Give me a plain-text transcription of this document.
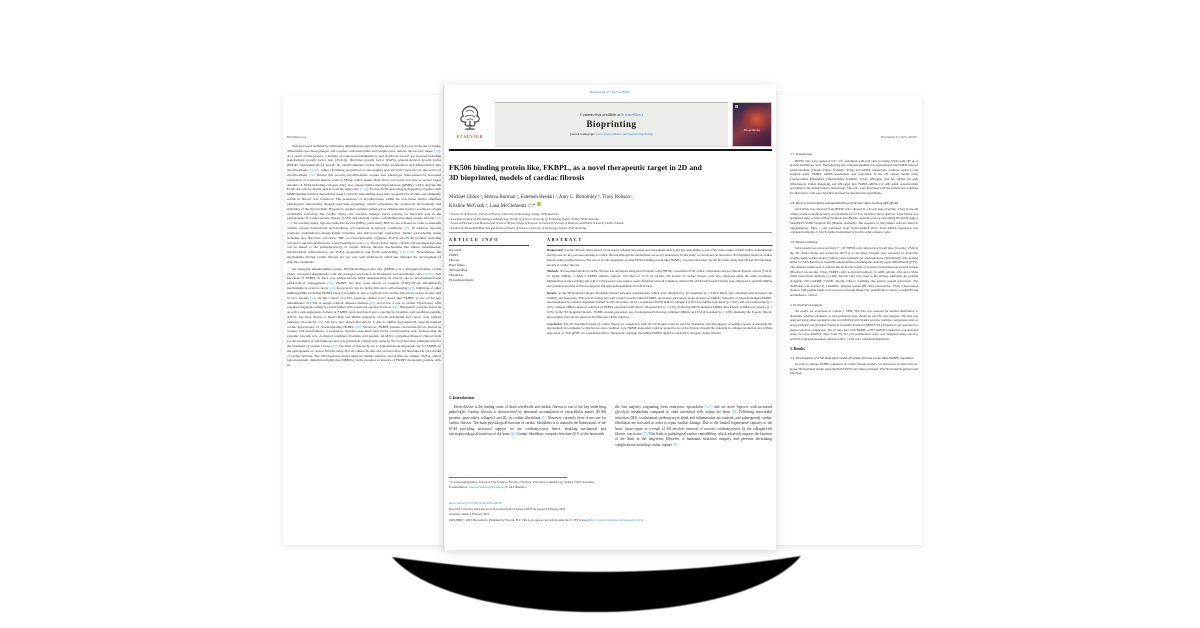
M. Chhor et al.

This process is initiated by infiltrating inflammatory cells including monocytes, that once at the site of injury, differentiate into macrophages, and together with neutrophils and lymphocytes, remove the necrotic tissue [7,9]. As a result of this process, a number of critical pro-inflammatory and profibrotic factors are secreted including transforming growth factor beta (TGF-β), fibroblast growth factor (FGFs), platelet-derived growth factor (PDGF), interleukin (IL)-6 and IL-1β, which stimulate cardiac fibroblast proliferation and differentiation into myofibroblasts [1,6,10]. Other circulating progenitors or surrounding pericyte cells could also be the source of myofibroblasts [11]. During this process, myofibroblasts acquire new phenotype characterised by increased expression of α-smooth muscle actin (α-SMA), which makes them more contractile and able to secrete larger amounts of ECM including collagen. They also release matrix metalloproteinases (MMPs), which degrade the ECM and remove matrix debris from the injury site [7,12]. Excess ECM and collagen deposition together with MMP-mediated matrix degradation leads to adverse remodelling stage that can persist for months and ultimately results in fibrotic scar formation. The persistence of myofibroblasts within the scar tissue further amplifies pathological remodelling through paracrine signalling, which perpetuates the profibrotic environment and stiffening of the myocardium. Hypoxia is another common pathological stimulus that leads to a reduced oxygen availability following MI, cardiac injury and vascular damage, hence playing an important role in the pathogenesis of cardiovascular disease (CVD) and aberrant cardiac remodelling including cardiac fibrosis [13-15]. Succeeding injury, hypoxia inducible factors (HIFs), particularly HIF-1α, are released in order to maintain cellular oxygen homeostasis and modulate cell functions in hypoxic conditions [16]. In addition, hypoxia promotes endothelial-to-mesenchymal transition and microvascular rarefaction, further exacerbating tissue ischemia and fibroblast activation. HIF-1α transcriptionally regulates TGF-β and ECM proteins including collagen I and fibronectin in the wound healing process [14]. Upon cardiac injury, chronic and persistent hypoxia can be linked to the pathophysiology of cardiac fibrosis through mechanisms that induce inflammation, myofibroblast differentiation via TGF-β upregulation and ECM remodelling [14,17,18]. Nevertheless, the mechanisms driving cardiac fibrosis are not very well understood, which has impeded the development of effective treatments.

An emerging immunophilin protein, FK506-binding protein like (FKBPL), is a divergent member of this group, expressed ubiquitously with the strongest expression in fibroblasts and endothelial cells [19-21]. Full knockout of FKBPL in mice was embryonically lethal demonstrating its critical role in developmental and physiological angiogenesis [21]. FKBPL has also been shown to regulate (TNF)-NF-κβ inflammatory mechanisms in ovarian cancer [22], however its role in cardiac fibrosis is still emerging [23]. Inhibition of other immunophilins including FKBP12 and cyclophilin A, led to a reduction in cardiac fibrosis in various in vitro and in vivo models [24]. In the context of CVD, previous studies have shown that FKBPL is one of the key determinants of CVD in people without diabetes mellitus [25] and it has a role in cardiac hypertrophy with potential diagnostic utility for heart failure with preserved ejection fraction [26]. Therapeutic peptides based on an active anti-angiogenic domain of FKBPL were developed and a preclinical 24-amino acid candidate peptide, AD-01, has been shown to bind CD44 and inhibit migration of both endothelial and cancer cells without inducing cytotoxicity [19]. We have also shown that AD-01 is able to inhibit angiotensin II (Ang-II)-induced cardiac hypertrophy by downregulating FKBPL [26]. Moreover, FKBPL plasma concentrations are altered in women with preeclampsia, a pregnancy disorder associated with future cardiovascular risk, underscoring its systemic vascular role. A clinical candidate 23-amino acid peptide, ALM201, completed Phase Ia clinical trials for the treatment of solid tumours and was granted an orphan drug status by the food and drug administration for the treatment of ovarian cancer [27]. The aims of this study are to demonstrate an important role for FKBPL in the pathogenesis of cardiac fibrosis using 2D cell culture models and an innovative 3D bioprinted in vitro model of cardiac fibrosis. The 3D bioprinted model employs tunable matrices and profibrotic stimuli, TGF-β, and/or hypoxia stimuli, dimethyloxalylglycine (DMOG), in the presence or absence of FKBPL therapeutic peptide, AD-01.

Bioprinting 47 (2025) e00397
ELSEVIER
Contents lists available at ScienceDirect
Bioprinting
journal homepage: www.sciencedirect.com/journal/bioprinting
Bioprinting
FK506 binding protein like, FKBPL, as a novel therapeutic target in 2D and
3D bioprinted, models of cardiac fibrosis
Michael Chhor ᵃ, Shreya Burman ᵃ, Fatemeh Heidari ᵃ, Amy L. Bottomley ᵇ, Tracy Robson ᶜ,
Kristine McGrath ᵃ, Lana McClements ᵃ,ᵈ,*
ᵃ School of Life Sciences, Faculty of Science, University of Technology Sydney, NSW, Australia
ᵇ Australian Institute of Microbiology and Infection, Faculty of Science, University of Technology Sydney, Sydney, NSW, Australia
ᶜ School of Pharmacy and Biomolecular Sciences, Royal College of Surgeons in Ireland (University of Medicine and Health Sciences), Dublin, Ireland
ᵈ Institute for Biomedical Materials and Devices, Faculty of Science, University of Technology Sydney, NSW, Australia
ARTICLE INFO
Keywords:
FKBPL
Fibrosis
Heart failure
3D bioprinting
Fibroblasts
Extracellular matrix
ABSTRACT

Background: Cardiac fibrosis characterised by increased collagen deposition and extracellular matrix (ECM) remodelling is one of the main causes of heart failure. Inflammation and hypoxia are key processes leading to cardiac fibrosis although the mechanisms are poorly understood. In this study, we developed an innovative 3D bioprinted model of cardiac fibrosis using tunable matrices. The role of an anti-angiogenic protein, FK506 binding protein like (FKBPL), was then elucidated, for the first time, using both 2D and 3D bioprinted, models of cardiac fibrosis.

Methods: 3D bioprinted model of cardiac fibrosis was developed using fetal fibroblast cells (HFF06), customised ECM cardiac components and pro-fibrotic/hypoxic factors (TGF-β, 10 ng/ml; DMOG, 1 mM) ± FKBPL mimetic (AD-01, 100 nM) for 72 h. In parallel, 2D models of cardiac fibrosis were also employed using the same treatments. Immunofluorescence staining and confocal microscopy were used to assess fibroblast network formation, whereas RT-qPCR and western blotting were employed to quantify mRNA and protein expression of fibrosis, hypoxia and angiogenesis markers in both models.

Results: In the 3D bioprinted model, fibroblasts formed networks spontaneously, which were stimulated by all treatments (p < 0.05–0.0001), and correlated with increased cell viability and elongation. This was in conjunction with a trend towards reduced FKBPL expression, particularly in the presence of DMOG, indicative of hypoxia-mediated FKBPL downregulation in a matrix-dependent manner. In 2D cell culture, AD-01 potentiated TGF-β-induced collagen I (COL1A1) mRNA expression (p < 0.01) and cell proliferation (p < 0.05), whereas DMOG-induced reduction of FKBPL expression with AD-01 abrogated this (p < 0.05). Following siRNA-mediated FKBPL knockdown, α-SMA was reduced (p < 0.05). In the 3D bioprinted models, FKBPL protein expression was downregulated following combined DMOG and TGF-β treatment (p < 0.05) emulating the hypoxic fibrotic myocardium; this was not observed in stiffer non-cardiac matrices.

Conclusion: The 3D bioprinted model of cardiac fibrosis in conjunction with 2D cell models could be used for biomarker and drug therapy screening towards accelerating the development of treatments for this hard-to-treat condition. Low FKBPL expression could be protective in cardiac fibrosis through the reduction in collagen production and α-SMA expression, or TGF-β/HIF-1α co-mediated effects. Therapeutic strategies that inhibit FKBPL should be explored to abrogate cardiac fibrosis.

1. Introduction
Heart disease is the leading cause of death worldwide and cardiac fibrosis is one of the key underlying pathologies. Cardiac fibrosis is characterised by abnormal accumulation of extracellular matrix (ECM) proteins, particularly collagen I and III, by cardiac fibroblasts [1]. However, currently there is no cure for cardiac fibrosis. The main physiological function of cardiac fibroblasts is to maintain the homeostasis of the ECM providing structural support for the cardiomyocytes hence, enabling mechanical and electrophysiological functions of the heart [2]. Cardiac fibroblasts comprise less than 20 % of the heart with
the vast majority originating from embryonic epicardium [3–5] and are more hypoxic with increased glycolytic metabolism compared to other interstitial cells within the heart [6]. Following myocardial infarction (MI), a substantial cardiomyocyte death and inflammation are induced, and subsequently cardiac fibroblasts are activated in order to repair cardiac damage. Due to the limited regenerative capacity of the heart, tissue repair as a result of MI involves removal of necrotic cardiomyocytes by the collagen-rich fibrotic scar tissue [7]. This leads to pathological cardiac remodelling, which adversely impacts the function of the heart in the long-term. However, it maintains structural integrity and prevents devastating complications including cardiac rupture [8].
* Corresponding author. School of Life Sciences, Faculty of Science, University of Technology Sydney, NSW, Australia.
E-mail address: lana.mcclements@uts.edu.au (L. McClements).
https://doi.org/10.1016/j.bprint.2025.e00397
Received 5 October 2024; Received in revised form 21 January 2025; Accepted 3 February 2025
Available online 4 February 2025
2405-8866/© 2025 The Authors. Published by Elsevier B.V. This is an open access article under the CC BY license (http://creativecommons.org/licenses/by/4.0/).
Bioprinting 47 (2025) e00397
2.7. Transfection

HFF06 cells were seeded at 0.2 × 10⁵ cells/ml in a 96-well plate (Corning, USA) with 100 μl of growth medium per well. The following day, complete medium was replaced with Opti-MEM reduced serum medium (Thermo Fisher Scientific, USA) and siRNA transfection solutions added to the required wells. FKBPL siRNA knockdown was performed in the 2D culture model using Lipofectamine RNAiMAX (Thermofisher Scientific, USA), ON-target plus NT siRNA (10 μM) (Dharmacon, United Kingdom) and ON-target plus FKBPL siRNA (10 μM) using concentrations according to the manufacturer's instructions. The cells were incubated with the transfection solutions for 48 h before cells were detached and used for downstream experiments.

2.8. Reverse transcription and quantitative polymerase chain reaction (RT-qPCR)

Total RNA was extracted from HFF06 cells cultured in a 6-well plate (Corning, USA) in the 2D culture model or in the presence of treatments for 72 h as described above. Reverse transcription was performed using a Tetro cDNA Synthesis Kit (Bioline, Australia) before performing RT-qPCR using a SensiFAST SYBR No-ROX Kit (Bioline, Australia). The sequence of the primers used are listed in Supplementary Table 1 and purchased from Sigma-Aldrich (US). Total mRNA expression was calculated using the 2−ΔΔCT method normalised to β-actin as the reference gene.

2.9. Western blotting

Total protein was extracted from 3 × 10⁵ HFF06 cells cultured in a 6-well plate (Corning, USA) in the 3D culture model and treated for 48/72 h as described. Proteins were separated by molecular weights using sodium dodecyl sulfate polyacrylamide gel electrophoresis (SDS-PAGE). The loading buffer for SDS-PAGE was Laemmli sample buffer containing the reducing agent dithiothreitol (DTT). The standard ladder used to estimate the molecular weight of protein was Kaleidoscope protein ladders (Bio-Rad Laboratories, USA). FKBPL rabbit polyclonal antibody (1:1,000; Abcam, UK) and α-SMA rabbit monoclonal antibody (1:1,000; Abcam, UK) were used as the primary antibodies for probing alongside with GAPDH (1:8,000; Abcam, UK) to normalise the relative protein expression. The membrane was scanned by ChemiDoc imaging system (Bio-Rad Laboratories, USA). The scanned pictures with peptide bands were processed through ImageJ for quantification relative to GAPDH and normalised to control.

2.10. Statistical analysis

All results are expressed as a mean ± SEM. The data was assessed for normal distribution to determine whether parametric or non-parametric tests should be used for data analysis. The data was analysed using either parametric one-way ANOVA with Sidak's post hoc multiple comparisons tests or non-parametric test (Kruskal–Wallis) in GraphPad Prism 9.0 (IBM, USA). Unpaired t-test was used for matrix selection comparison. The dt ratio data with FKBPL or NT siRNA transfection was analysed using two-way ANOVA. Data from the 3D cell proliferation assay was analysed using one-way ANOVA (repeated measures). Results with p < 0.05 were considered significant.

3. Results
3.1. Development of a 3D bioprinted model of cardiac fibrosis to elucidate FKBPL regulation

In order to explore FKBPL regulation in cardiac fibrosis models, we developed an innovative in-house 3D bioprinted model using the RASTRUM cell culture platform. This 3D model bioprinted fetal fibroblast
